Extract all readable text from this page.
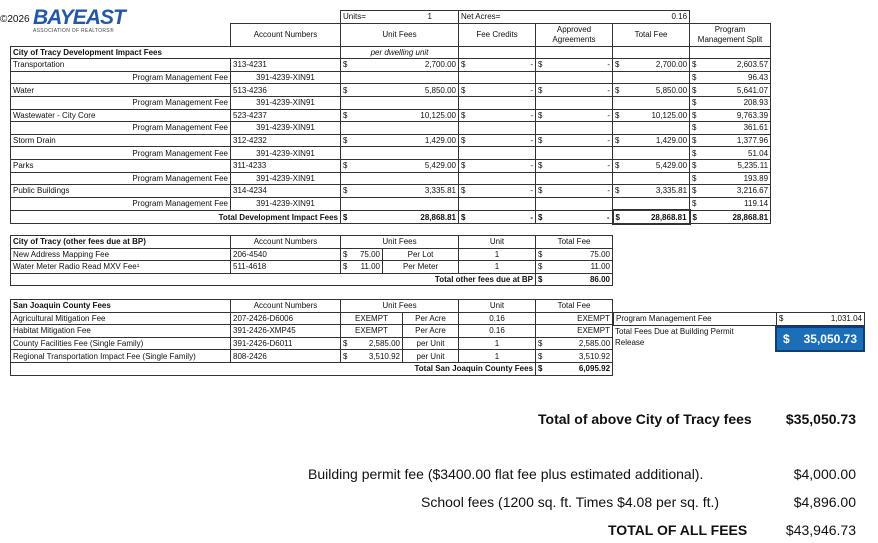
©2026 BAYEAST
ASSOCIATION OF REALTORS®

		Units= 1	Net Acres= 0.16			

	Account Numbers	Unit Fees	Fee Credits	Approved Agreements	Total Fee	Program Management Split
City of Tracy Development Impact Fees		per dwelling unit				
Transportation	313-4231	$ 2,700.00	$ -	$ -	$ 2,700.00	$ 2,603.57

Program Management Fee	391-4239-XIN91					$ 96.43

Water	513-4236	$ 5,850.00	$ -	$ -	$ 5,850.00	$ 5,641.07

Program Management Fee	391-4239-XIN91					$ 208.93

Wastewater - City Core	523-4237	$ 10,125.00	$ -	$ -	$ 10,125.00	$ 9,763.39

Program Management Fee	391-4239-XIN91					$ 361.61

Storm Drain	312-4232	$ 1,429.00	$ -	$ -	$ 1,429.00	$ 1,377.96

Program Management Fee	391-4239-XIN91					$ 51.04

Parks	311-4233	$ 5,429.00	$ -	$ -	$ 5,429.00	$ 5,235.11

Program Management Fee	391-4239-XIN91					$ 193.89

Public Buildings	314-4234	$ 3,335.81	$ -	$ -	$ 3,335.81	$ 3,216.67

Program Management Fee	391-4239-XIN91					$ 119.14

Total Development Impact Fees		$ 28,868.81	$ -	$ -	$ 28,868.81	$ 28,868.81
City of Tracy (other fees due at BP)	Account Numbers	Unit Fees		Unit	Total Fee
New Address Mapping Fee	206-4540	$ 75.00	Per Lot	1	$ 75.00

Water Meter Radio Read MXV Fee¹	511-4618	$ 11.00	Per Meter	1	$ 11.00

Total other fees due at BP					$ 86.00
San Joaquin County Fees	Account Numbers	Unit Fees		Unit	Total Fee
Agricultural Mitigation Fee	207-2426-D6006	EXEMPT	Per Acre	0.16	EXEMPT
Habitat Mitigation Fee	391-2426-XMP45	EXEMPT	Per Acre	0.16	EXEMPT
County Facilities Fee (Single Family)	391-2426-D6011	$ 2,585.00	per Unit	1	$ 2,585.00

Regional Transportation Impact Fee (Single Family)	808-2426	$ 3,510.92	per Unit	1	$ 3,510.92

Total San Joaquin County Fees					$ 6,095.92
Program Management Fee	$	1,031.04
Total Fees Due at Building Permit
Release	$ 35,050.73
Total of above City of Tracy fees $35,050.73
Building permit fee ($3400.00 flat fee plus estimated additional).	$4,000.00
School fees (1200 sq. ft. Times $4.08 per sq. ft.)	$4,896.00
TOTAL OF ALL FEES	$43,946.73
